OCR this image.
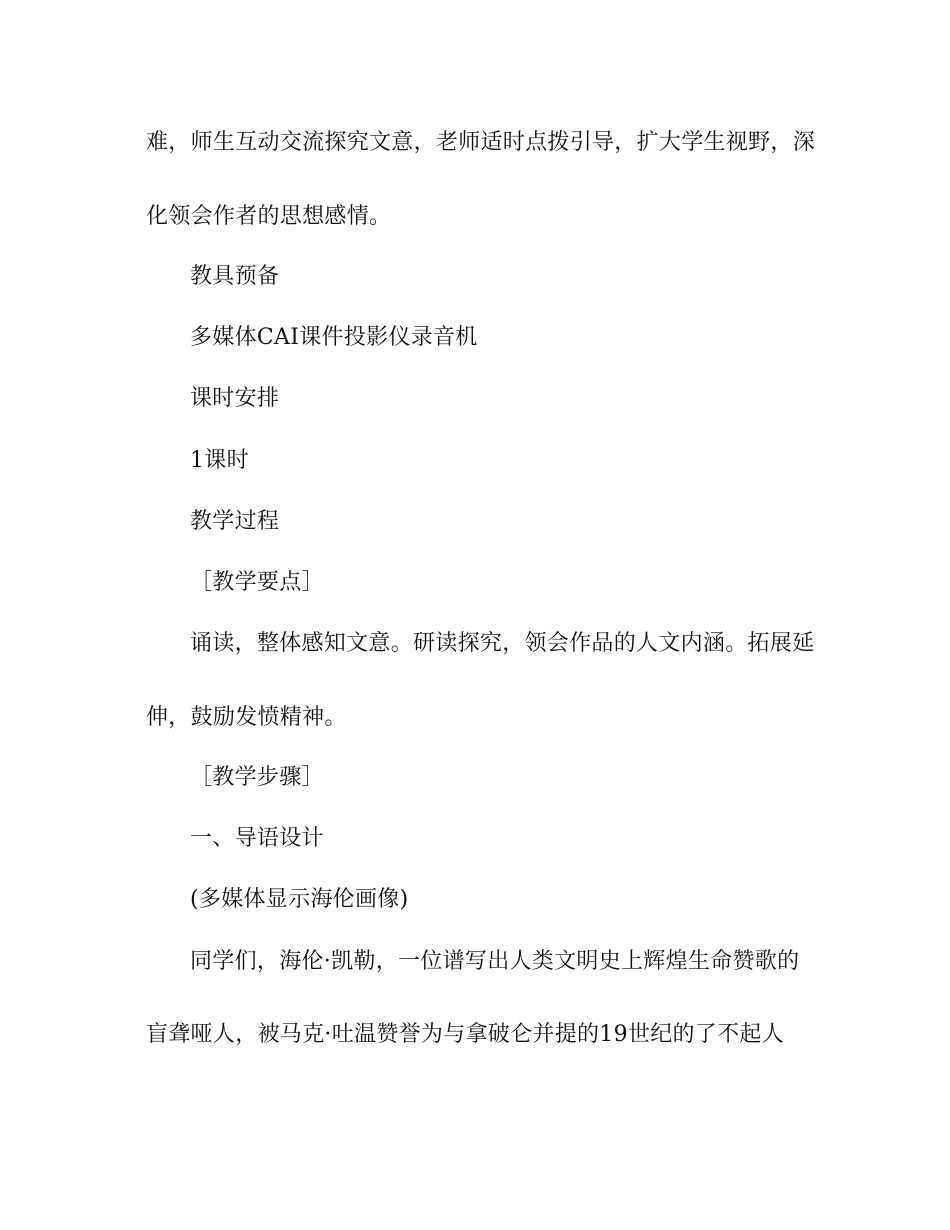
难，师生互动交流探究文意，老师适时点拨引导，扩大学生视野，深
化领会作者的思想感情。
教具预备
多媒体CAI课件投影仪录音机
课时安排
1课时
教学过程
［教学要点］
诵读，整体感知文意。研读探究，领会作品的人文内涵。拓展延
伸，鼓励发愤精神。
［教学步骤］
一、导语设计
(多媒体显示海伦画像)
同学们，海伦·凯勒，一位谱写出人类文明史上辉煌生命赞歌的
盲聋哑人，被马克·吐温赞誉为与拿破仑并提的19世纪的了不起人
